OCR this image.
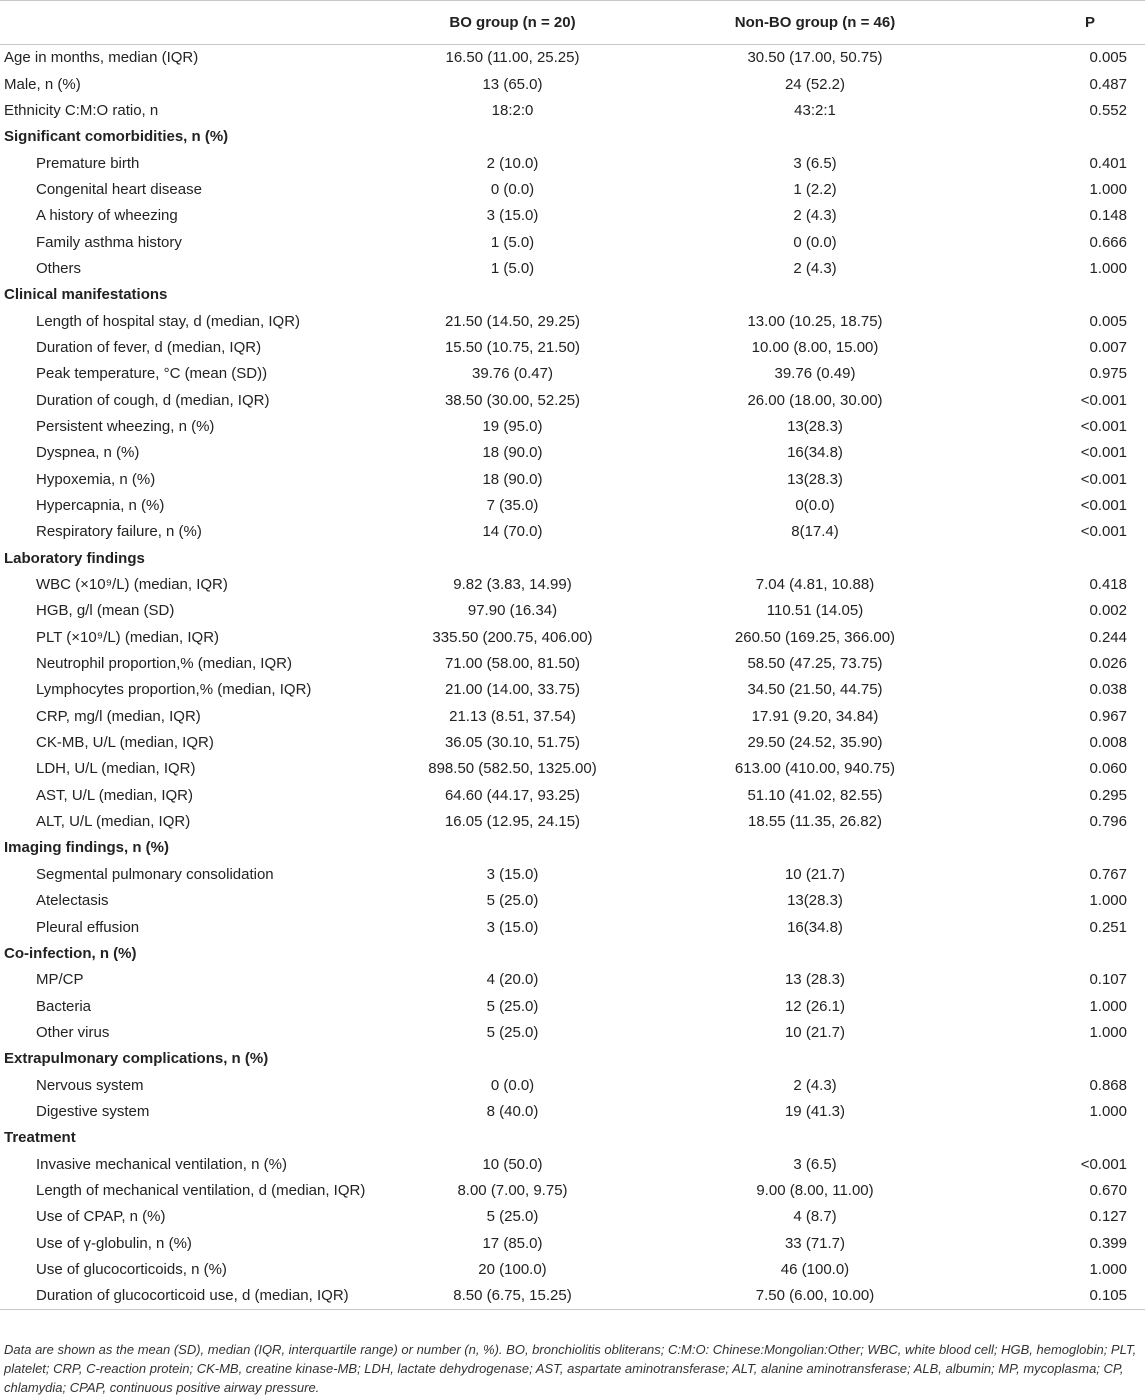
	BO group (n = 20)	Non-BO group (n = 46)	P
Age in months, median (IQR)	16.50 (11.00, 25.25)	30.50 (17.00, 50.75)	0.005
Male, n (%)	13 (65.0)	24 (52.2)	0.487
Ethnicity C:M:O ratio, n	18:2:0	43:2:1	0.552
Significant comorbidities, n (%)			
Premature birth	2 (10.0)	3 (6.5)	0.401
Congenital heart disease	0 (0.0)	1 (2.2)	1.000
A history of wheezing	3 (15.0)	2 (4.3)	0.148
Family asthma history	1 (5.0)	0 (0.0)	0.666
Others	1 (5.0)	2 (4.3)	1.000
Clinical manifestations			
Length of hospital stay, d (median, IQR)	21.50 (14.50, 29.25)	13.00 (10.25, 18.75)	0.005
Duration of fever, d (median, IQR)	15.50 (10.75, 21.50)	10.00 (8.00, 15.00)	0.007
Peak temperature, °C (mean (SD))	39.76 (0.47)	39.76 (0.49)	0.975
Duration of cough, d (median, IQR)	38.50 (30.00, 52.25)	26.00 (18.00, 30.00)	<0.001
Persistent wheezing, n (%)	19 (95.0)	13(28.3)	<0.001
Dyspnea, n (%)	18 (90.0)	16(34.8)	<0.001
Hypoxemia, n (%)	18 (90.0)	13(28.3)	<0.001
Hypercapnia, n (%)	7 (35.0)	0(0.0)	<0.001
Respiratory failure, n (%)	14 (70.0)	8(17.4)	<0.001
Laboratory findings			
WBC (×10⁹/L) (median, IQR)	9.82 (3.83, 14.99)	7.04 (4.81, 10.88)	0.418
HGB, g/l (mean (SD)	97.90 (16.34)	110.51 (14.05)	0.002
PLT (×10⁹/L) (median, IQR)	335.50 (200.75, 406.00)	260.50 (169.25, 366.00)	0.244
Neutrophil proportion,% (median, IQR)	71.00 (58.00, 81.50)	58.50 (47.25, 73.75)	0.026
Lymphocytes proportion,% (median, IQR)	21.00 (14.00, 33.75)	34.50 (21.50, 44.75)	0.038
CRP, mg/l (median, IQR)	21.13 (8.51, 37.54)	17.91 (9.20, 34.84)	0.967
CK-MB, U/L (median, IQR)	36.05 (30.10, 51.75)	29.50 (24.52, 35.90)	0.008
LDH, U/L (median, IQR)	898.50 (582.50, 1325.00)	613.00 (410.00, 940.75)	0.060
AST, U/L (median, IQR)	64.60 (44.17, 93.25)	51.10 (41.02, 82.55)	0.295
ALT, U/L (median, IQR)	16.05 (12.95, 24.15)	18.55 (11.35, 26.82)	0.796
Imaging findings, n (%)			
Segmental pulmonary consolidation	3 (15.0)	10 (21.7)	0.767
Atelectasis	5 (25.0)	13(28.3)	1.000
Pleural effusion	3 (15.0)	16(34.8)	0.251
Co-infection, n (%)			
MP/CP	4 (20.0)	13 (28.3)	0.107
Bacteria	5 (25.0)	12 (26.1)	1.000
Other virus	5 (25.0)	10 (21.7)	1.000
Extrapulmonary complications, n (%)			
Nervous system	0 (0.0)	2 (4.3)	0.868
Digestive system	8 (40.0)	19 (41.3)	1.000
Treatment			
Invasive mechanical ventilation, n (%)	10 (50.0)	3 (6.5)	<0.001
Length of mechanical ventilation, d (median, IQR)	8.00 (7.00, 9.75)	9.00 (8.00, 11.00)	0.670
Use of CPAP, n (%)	5 (25.0)	4 (8.7)	0.127
Use of γ-globulin, n (%)	17 (85.0)	33 (71.7)	0.399
Use of glucocorticoids, n (%)	20 (100.0)	46 (100.0)	1.000
Duration of glucocorticoid use, d (median, IQR)	8.50 (6.75, 15.25)	7.50 (6.00, 10.00)	0.105
Data are shown as the mean (SD), median (IQR, interquartile range) or number (n, %). BO, bronchiolitis obliterans; C:M:O: Chinese:Mongolian:Other; WBC, white blood cell; HGB, hemoglobin; PLT, platelet; CRP, C-reaction protein; CK-MB, creatine kinase-MB; LDH, lactate dehydrogenase; AST, aspartate aminotransferase; ALT, alanine aminotransferase; ALB, albumin; MP, mycoplasma; CP, chlamydia; CPAP, continuous positive airway pressure.
